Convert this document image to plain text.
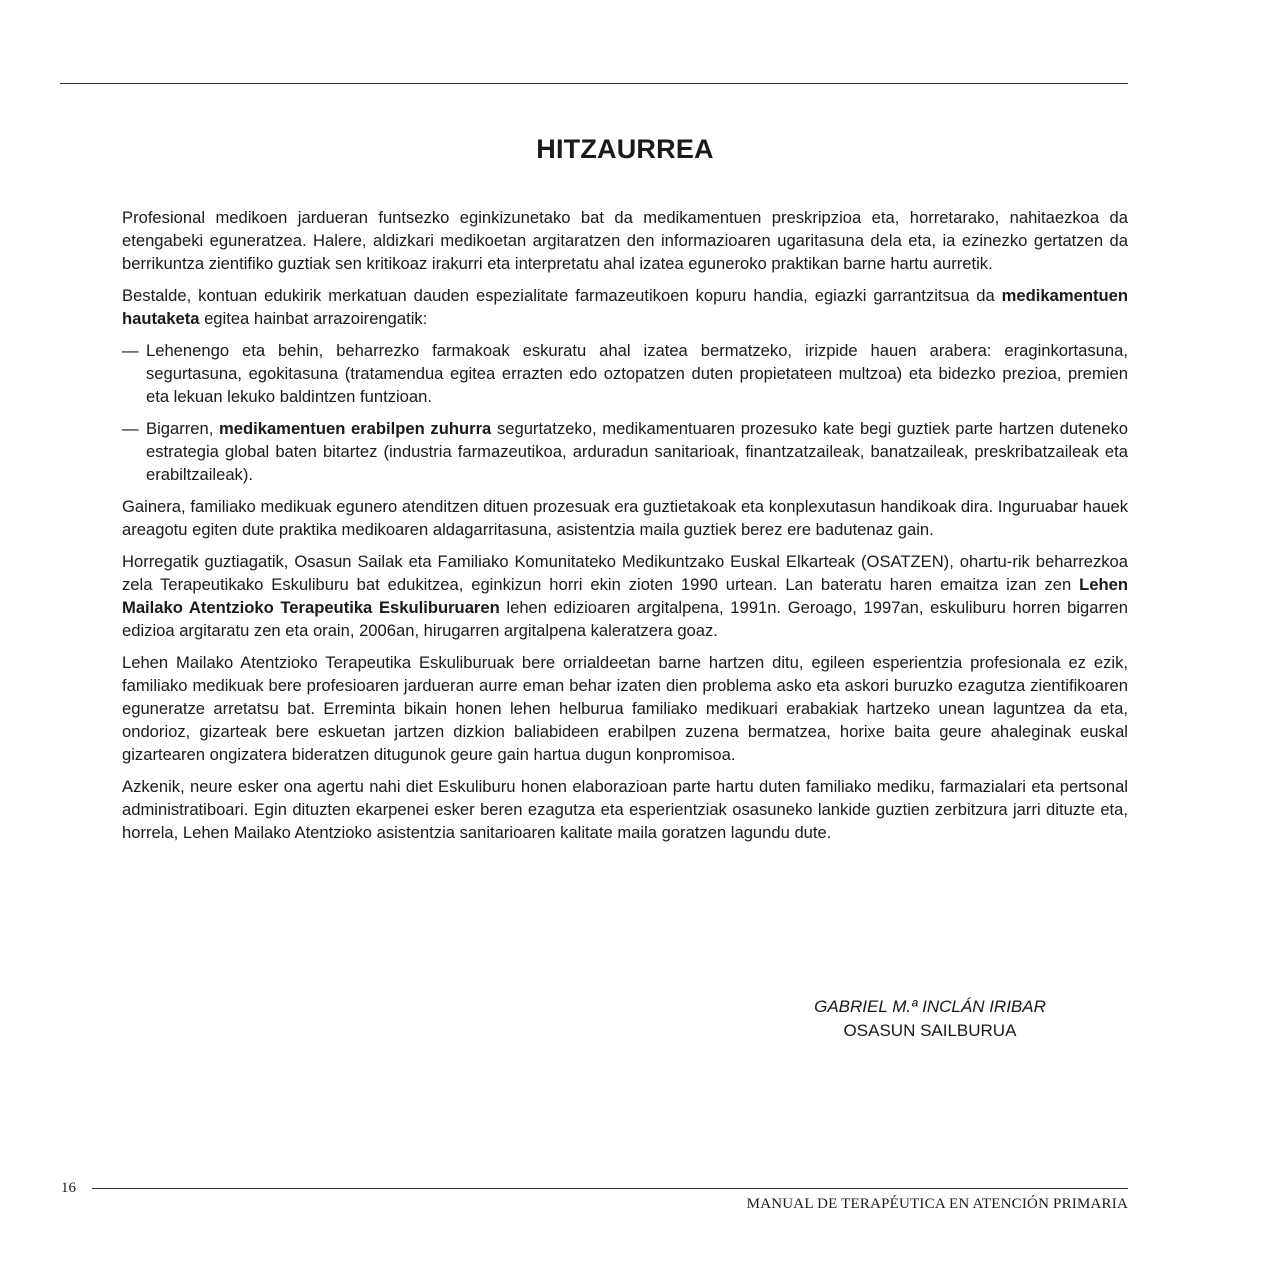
HITZAURREA

Profesional medikoen jardueran funtsezko eginkizunetako bat da medikamentuen preskripzioa eta, horretarako, nahitaezkoa da etengabeki eguneratzea. Halere, aldizkari medikoetan argitaratzen den informazioaren ugaritasuna dela eta, ia ezinezko gertatzen da berrikuntza zientifiko guztiak sen kritikoaz irakurri eta interpretatu ahal izatea eguneroko praktikan barne hartu aurretik.

Bestalde, kontuan edukirik merkatuan dauden espezialitate farmazeutikoen kopuru handia, egiazki garrantzitsua da medikamentuen hautaketa egitea hainbat arrazoirengatik:

— Lehenengo eta behin, beharrezko farmakoak eskuratu ahal izatea bermatzeko, irizpide hauen arabera: eraginkortasuna, segurtasuna, egokitasuna (tratamendua egitea errazten edo oztopatzen duten propietateen multzoa) eta bidezko prezioa, premien eta lekuan lekuko baldintzen funtzioan.
— Bigarren, medikamentuen erabilpen zuhurra segurtatzeko, medikamentuaren prozesuko kate begi guztiek parte hartzen duteneko estrategia global baten bitartez (industria farmazeutikoa, arduradun sanitarioak, finantzatzaileak, banatzaileak, preskribatzaileak eta erabiltzaileak).

Gainera, familiako medikuak egunero atenditzen dituen prozesuak era guztietakoak eta konplexutasun handikoak dira. Inguruabar hauek areagotu egiten dute praktika medikoaren aldagarritasuna, asistentzia maila guztiek berez ere badutenaz gain.

Horregatik guztiagatik, Osasun Sailak eta Familiako Komunitateko Medikuntzako Euskal Elkarteak (OSATZEN), ohartu-rik beharrezkoa zela Terapeutikako Eskuliburu bat edukitzea, eginkizun horri ekin zioten 1990 urtean. Lan bateratu haren emaitza izan zen Lehen Mailako Atentzioko Terapeutika Eskuliburuaren lehen edizioaren argitalpena, 1991n. Geroago, 1997an, eskuliburu horren bigarren edizioa argitaratu zen eta orain, 2006an, hirugarren argitalpena kaleratzera goaz.

Lehen Mailako Atentzioko Terapeutika Eskuliburuak bere orrialdeetan barne hartzen ditu, egileen esperientzia profesionala ez ezik, familiako medikuak bere profesioaren jardueran aurre eman behar izaten dien problema asko eta askori buruzko ezagutza zientifikoaren eguneratze arretatsu bat. Erreminta bikain honen lehen helburua familiako medikuari erabakiak hartzeko unean laguntzea da eta, ondorioz, gizarteak bere eskuetan jartzen dizkion baliabideen erabilpen zuzena bermatzea, horixe baita geure ahaleginak euskal gizartearen ongizatera bideratzen ditugunok geure gain hartua dugun konpromisoa.

Azkenik, neure esker ona agertu nahi diet Eskuliburu honen elaborazioan parte hartu duten familiako mediku, farmazialari eta pertsonal administratiboari. Egin dituzten ekarpenei esker beren ezagutza eta esperientziak osasuneko lankide guztien zerbitzura jarri dituzte eta, horrela, Lehen Mailako Atentzioko asistentzia sanitarioaren kalitate maila goratzen lagundu dute.

GABRIEL M.ª INCLÁN IRIBAR
OSASUN SAILBURUA
16
MANUAL DE TERAPÉUTICA EN ATENCIÓN PRIMARIA
